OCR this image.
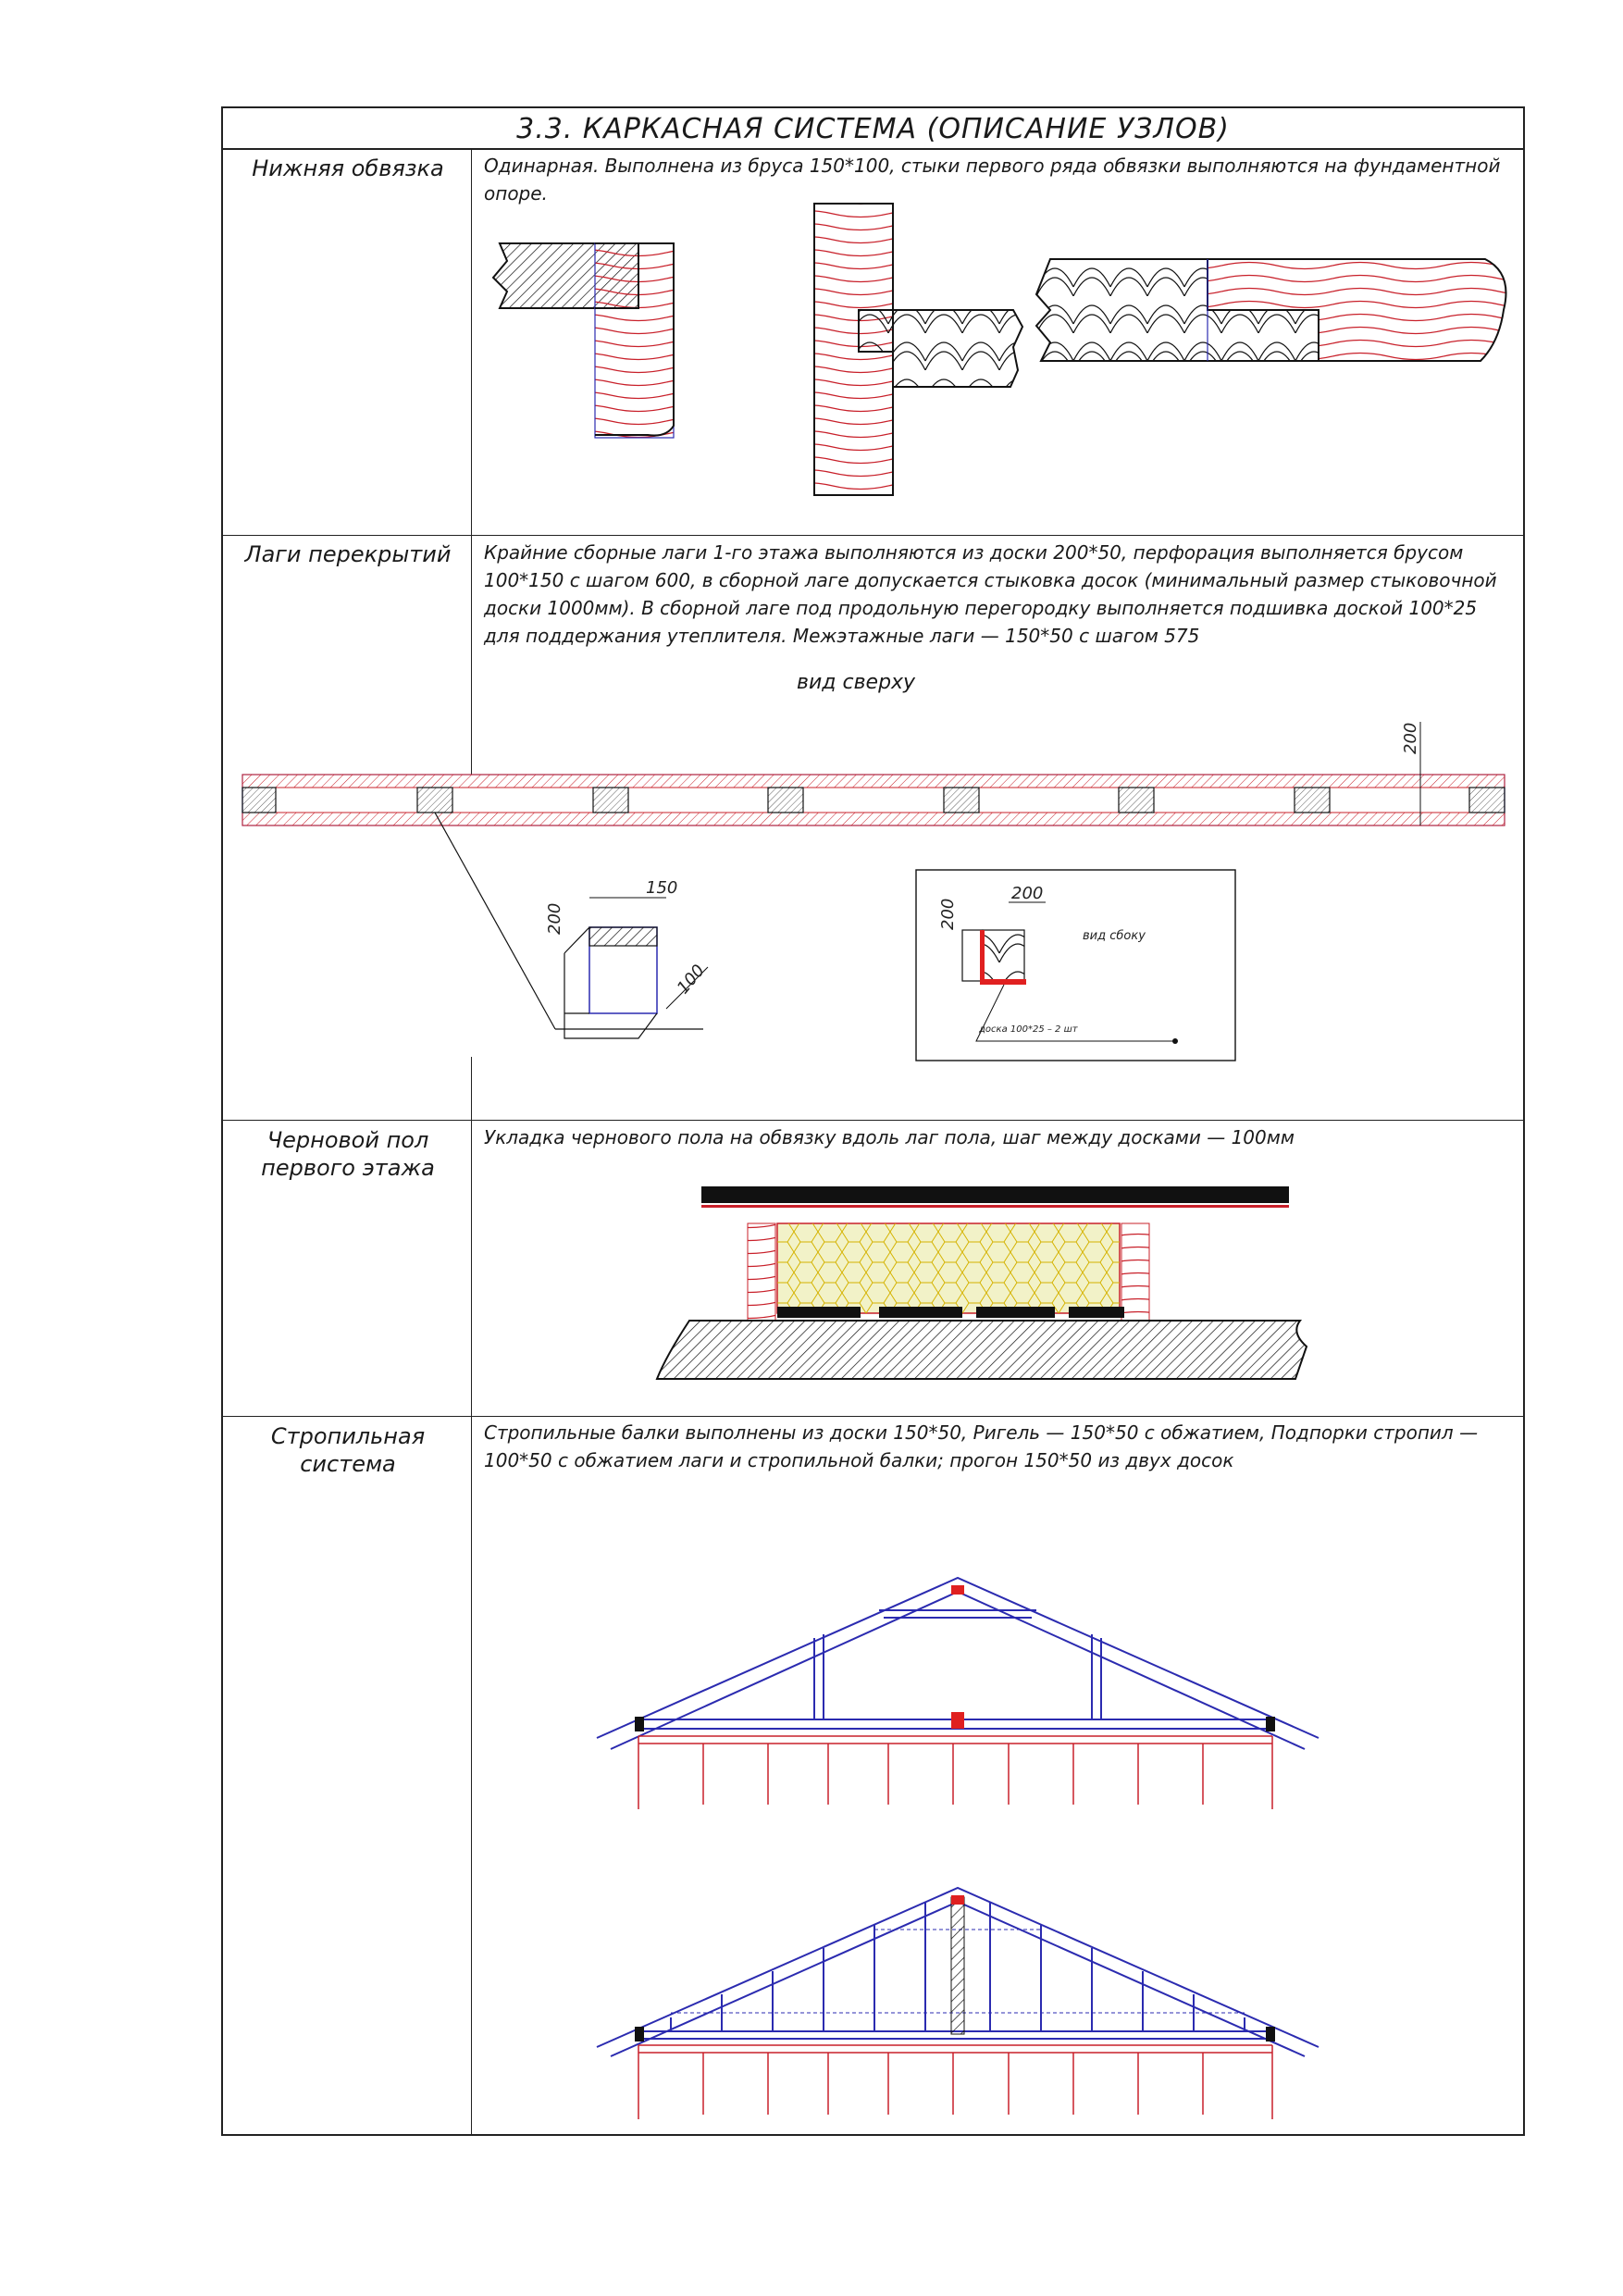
3.3. КАРКАСНАЯ СИСТЕМА (ОПИСАНИЕ УЗЛОВ)
Нижняя обвязка	Одинарная. Выполнена из бруса 150*100, стыки первого ряда обвязки выполняются на фундаментной опоре.
Лаги перекрытий	Крайние сборные лаги 1-го этажа выполняются из доски 200*50, перфорация выполняется брусом 100*150 с шагом 600, в сборной лаге допускается стыковка досок (минимальный размер стыковочной доски 1000мм). В сборной лаге под продольную перегородку выполняется подшивка доской 100*25 для поддержания утеплителя. Межэтажные лаги — 150*50 с шагом 575
вид сверху
Черновой пол
первого этажа
Укладка чернового пола на обвязку вдоль лаг пола, шаг между досками — 100мм
Стропильная
система
Стропильные балки выполнены из доски 150*50, Ригель — 150*50 с обжатием, Подпорки стропил — 100*50 с обжатием лаги и стропильной балки; прогон 150*50 из двух досок
200
150
200
100
200
200
вид сбоку
доска 100*25 – 2 шт
